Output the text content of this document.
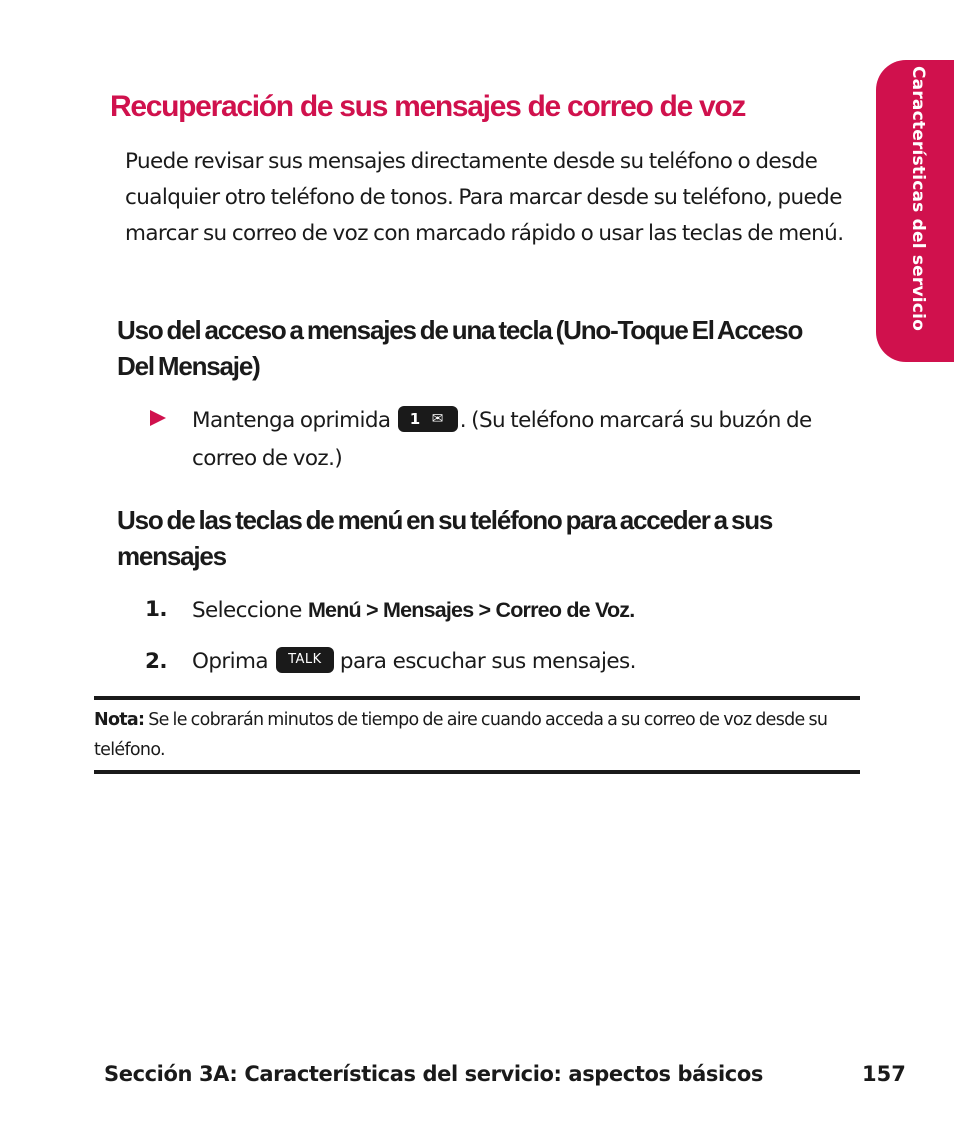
Características del servicio
Recuperación de sus mensajes de correo de voz

Puede revisar sus mensajes directamente desde su teléfono o desde cualquier otro teléfono de tonos. Para marcar desde su teléfono, puede marcar su correo de voz con marcado rápido o usar las teclas de menú.

Uso del acceso a mensajes de una tecla (Uno-Toque El Acceso Del Mensaje)

Mantenga oprimida 1 ✉ . (Su teléfono marcará su buzón de correo de voz.)

Uso de las teclas de menú en su teléfono para acceder a sus mensajes
1. Seleccione Menú > Mensajes > Correo de Voz.
2. Oprima TALK para escuchar sus mensajes.

Nota: Se le cobrarán minutos de tiempo de aire cuando acceda a su correo de voz desde su teléfono.

Sección 3A: Características del servicio: aspectos básicos	157
